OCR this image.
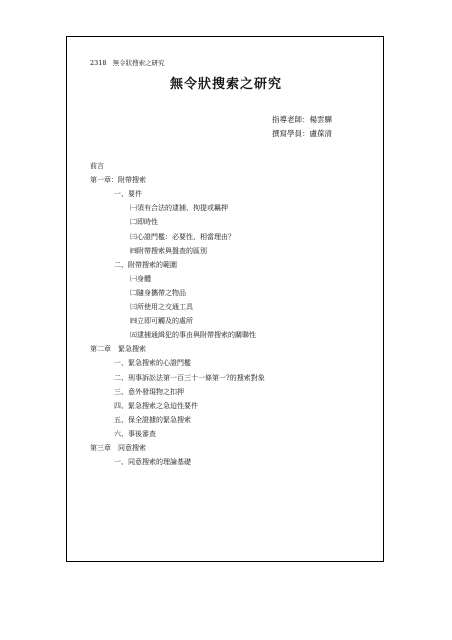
2318 無令狀搜索之研究
無令狀搜索之研究
指導老師：楊雲驊
撰寫學員：盧葆清
前言
第一章：附帶搜索
一、要件
㈠須有合法的逮捕、拘提或羈押
㈡即時性
㈢心證門檻：必要性、相當理由？
㈣附帶搜索與盤查的區別
二、附帶搜索的範圍
㈠身體
㈡隨身攜帶之物品
㈢所使用之交通工具
㈣立即可觸及的處所
㈤逮捕通緝犯的事由與附帶搜索的關聯性
第二章　緊急搜索
一、緊急搜索的心證門檻
二、刑事訴訟法第一百三十一條第一?的搜索對象
三、意外發現物之扣押
四、緊急搜索之急迫性要件
五、保全證據的緊急搜索
六、事後審查
第三章　同意搜索
一、同意搜索的理論基礎
